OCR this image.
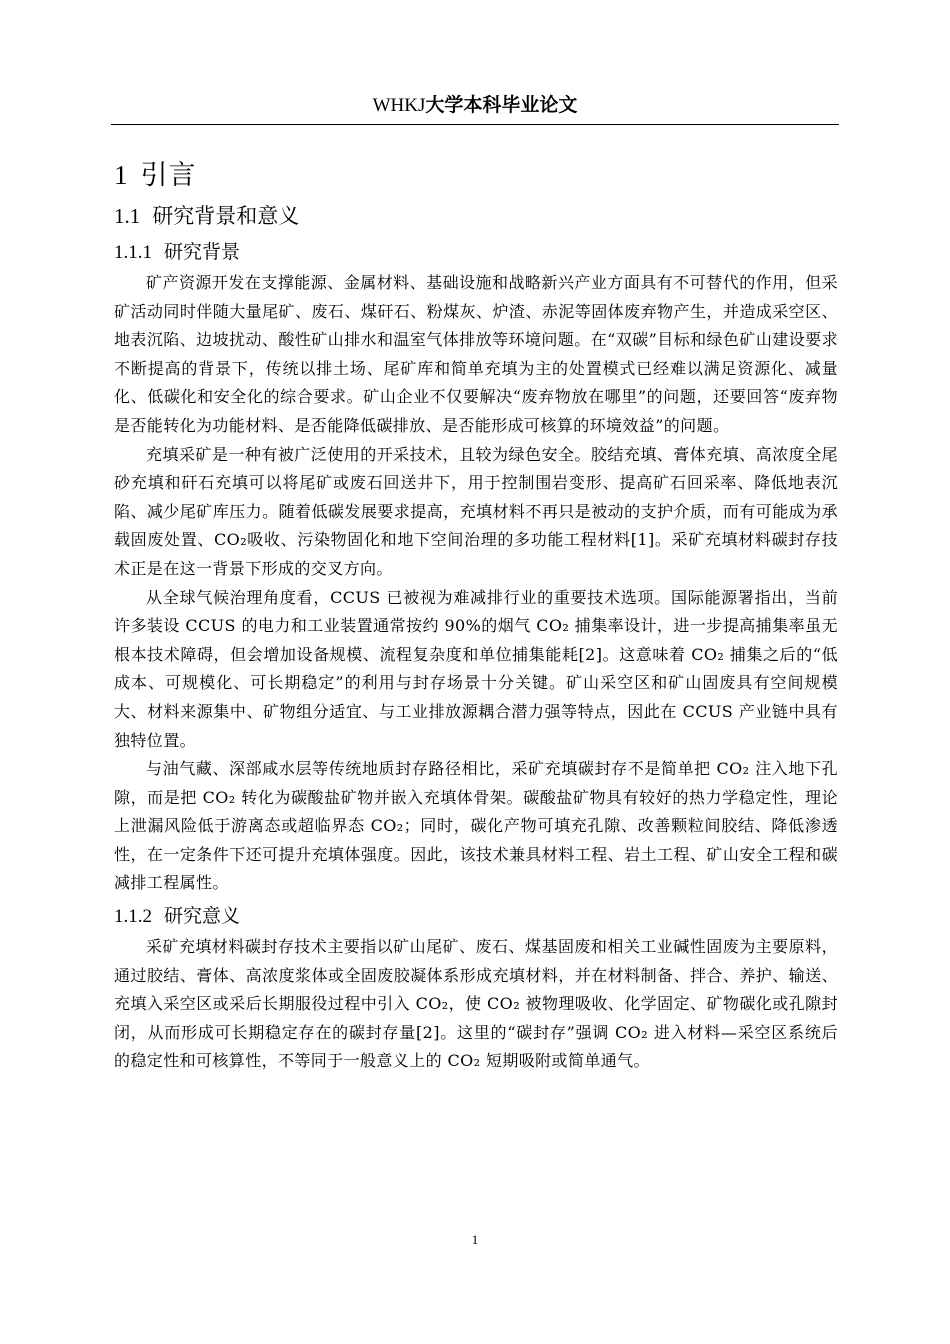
WHKJ大学本科毕业论文
1 引言
1.1 研究背景和意义
1.1.1 研究背景

矿产资源开发在支撑能源、金属材料、基础设施和战略新兴产业方面具有不可替代的作用，但采矿活动同时伴随大量尾矿、废石、煤矸石、粉煤灰、炉渣、赤泥等固体废弃物产生，并造成采空区、地表沉陷、边坡扰动、酸性矿山排水和温室气体排放等环境问题。在“双碳”目标和绿色矿山建设要求不断提高的背景下，传统以排土场、尾矿库和简单充填为主的处置模式已经难以满足资源化、减量化、低碳化和安全化的综合要求。矿山企业不仅要解决“废弃物放在哪里”的问题，还要回答“废弃物是否能转化为功能材料、是否能降低碳排放、是否能形成可核算的环境效益”的问题。

充填采矿是一种有被广泛使用的开采技术，且较为绿色安全。胶结充填、膏体充填、高浓度全尾砂充填和矸石充填可以将尾矿或废石回送井下，用于控制围岩变形、提高矿石回采率、降低地表沉陷、减少尾矿库压力。随着低碳发展要求提高，充填材料不再只是被动的支护介质，而有可能成为承载固废处置、CO₂吸收、污染物固化和地下空间治理的多功能工程材料[1]。采矿充填材料碳封存技术正是在这一背景下形成的交叉方向。

从全球气候治理角度看，CCUS 已被视为难减排行业的重要技术选项。国际能源署指出，当前许多装设 CCUS 的电力和工业装置通常按约 90%的烟气 CO₂ 捕集率设计，进一步提高捕集率虽无根本技术障碍，但会增加设备规模、流程复杂度和单位捕集能耗[2]。这意味着 CO₂ 捕集之后的“低成本、可规模化、可长期稳定”的利用与封存场景十分关键。矿山采空区和矿山固废具有空间规模大、材料来源集中、矿物组分适宜、与工业排放源耦合潜力强等特点，因此在 CCUS 产业链中具有独特位置。

与油气藏、深部咸水层等传统地质封存路径相比，采矿充填碳封存不是简单把 CO₂ 注入地下孔隙，而是把 CO₂ 转化为碳酸盐矿物并嵌入充填体骨架。碳酸盐矿物具有较好的热力学稳定性，理论上泄漏风险低于游离态或超临界态 CO₂；同时，碳化产物可填充孔隙、改善颗粒间胶结、降低渗透性，在一定条件下还可提升充填体强度。因此，该技术兼具材料工程、岩土工程、矿山安全工程和碳减排工程属性。

1.1.2 研究意义

采矿充填材料碳封存技术主要指以矿山尾矿、废石、煤基固废和相关工业碱性固废为主要原料，通过胶结、膏体、高浓度浆体或全固废胶凝体系形成充填材料，并在材料制备、拌合、养护、输送、充填入采空区或采后长期服役过程中引入 CO₂，使 CO₂ 被物理吸收、化学固定、矿物碳化或孔隙封闭，从而形成可长期稳定存在的碳封存量[2]。这里的“碳封存”强调 CO₂ 进入材料—采空区系统后的稳定性和可核算性，不等同于一般意义上的 CO₂ 短期吸附或简单通气。

1
